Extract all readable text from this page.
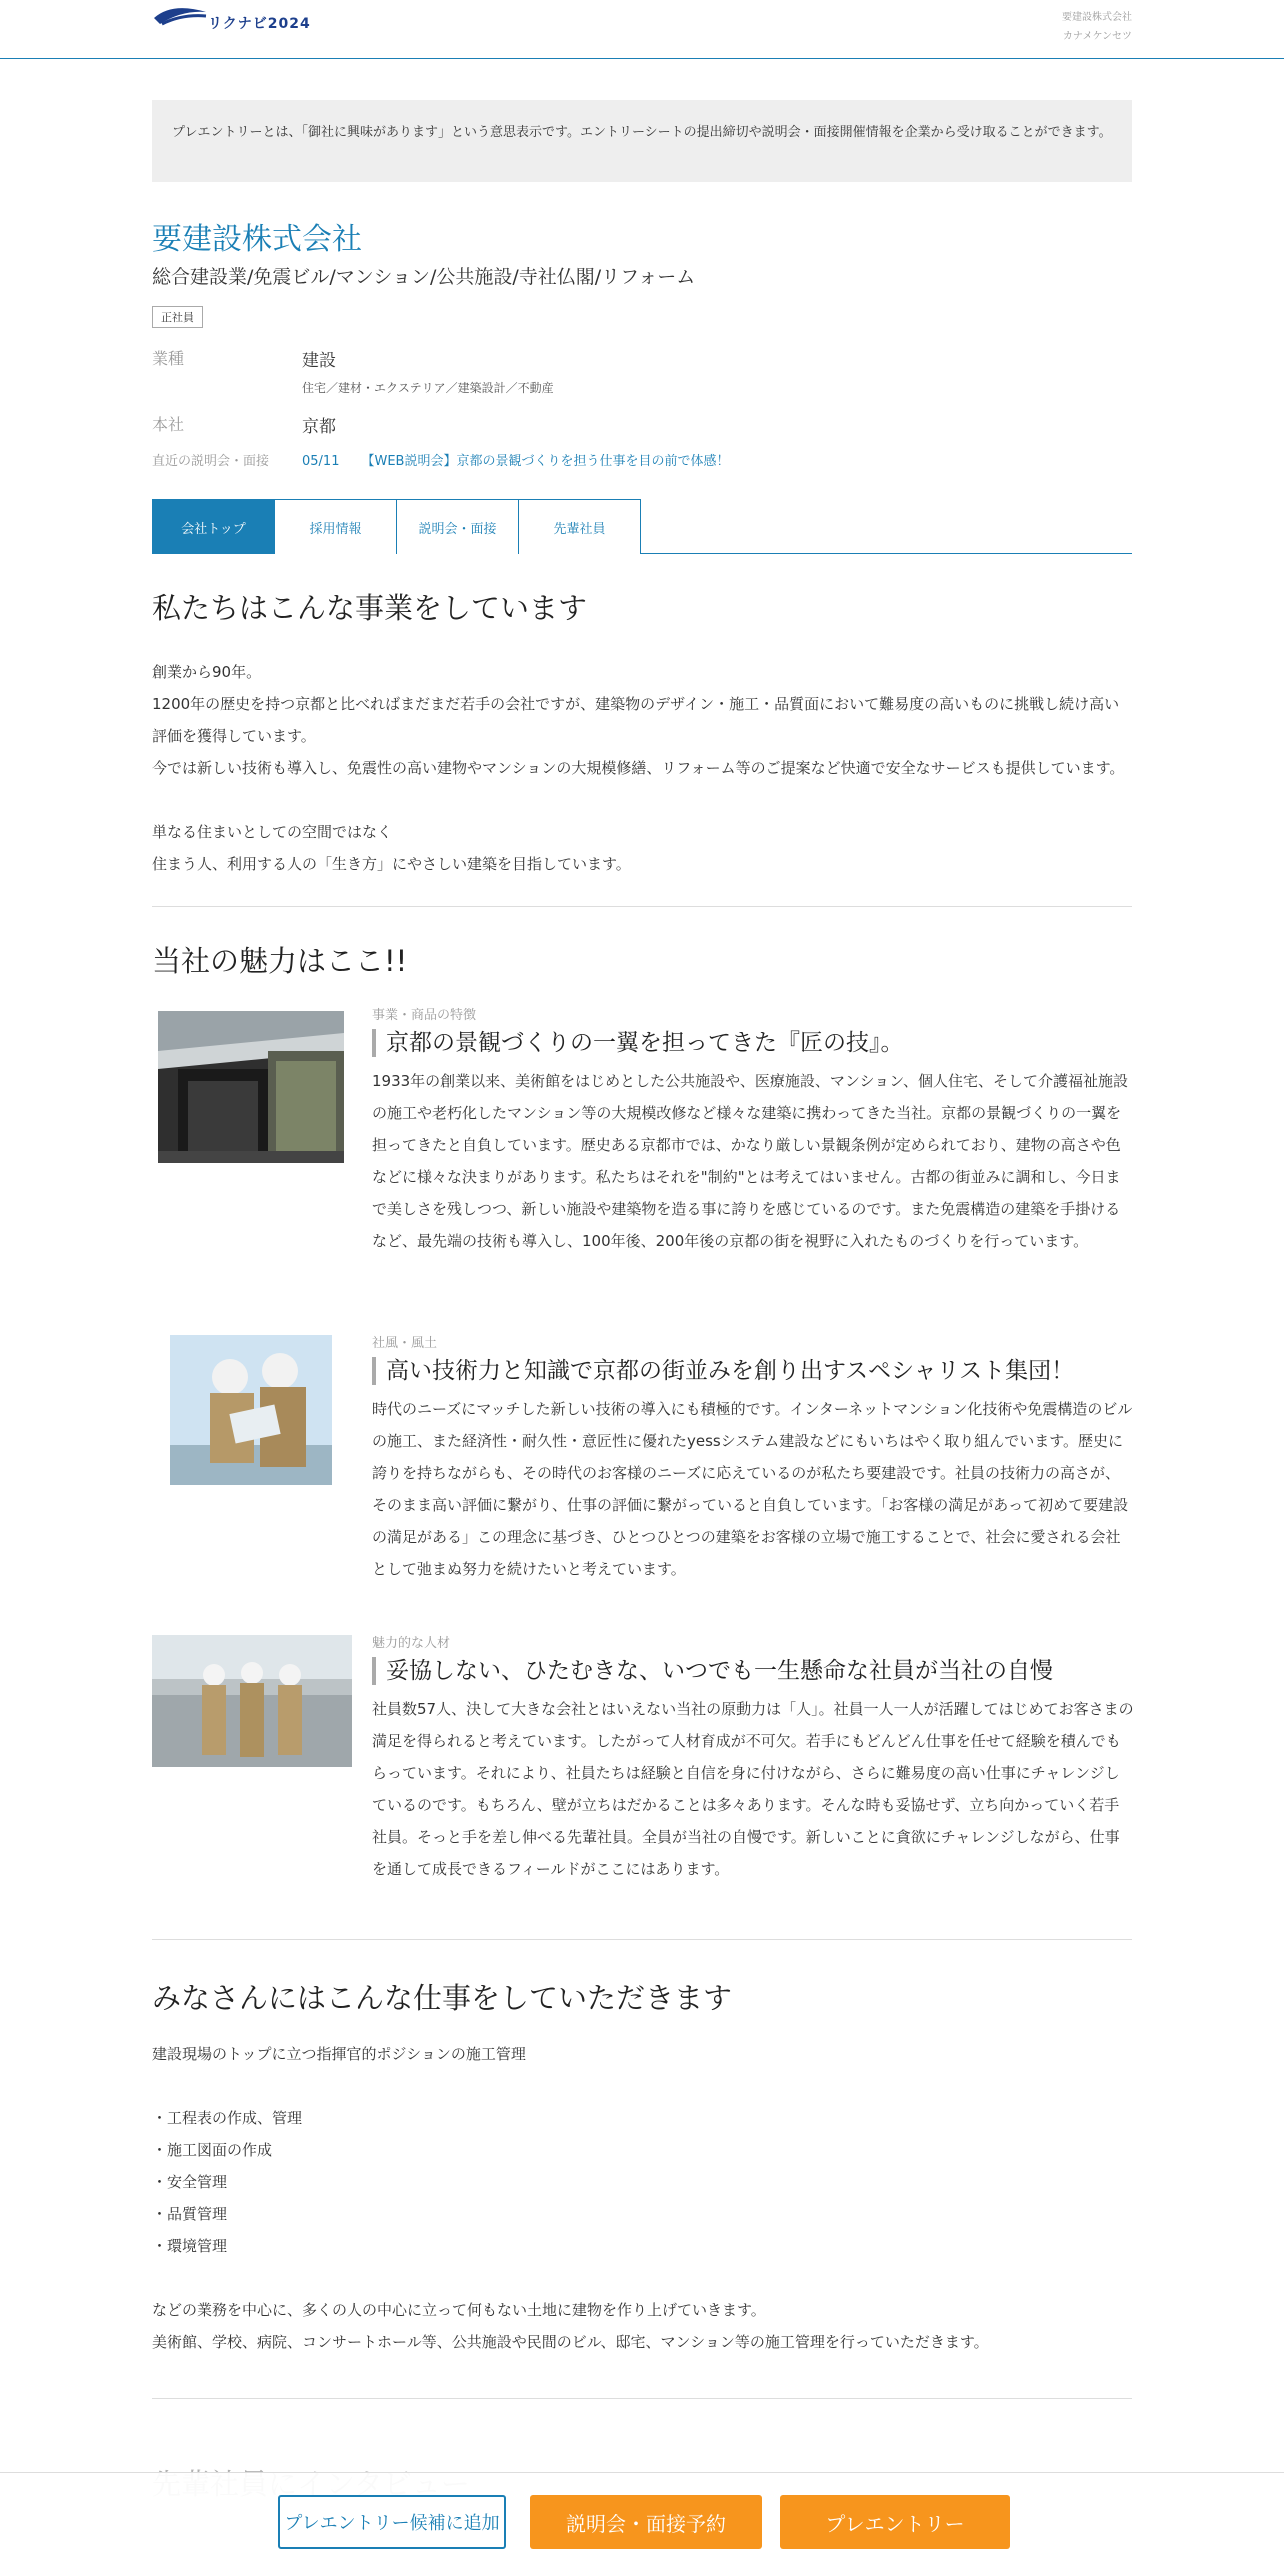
リクナビ2024	要建設株式会社
カナメケンセツ
プレエントリーとは、「御社に興味があります」という意思表示です。エントリーシートの提出締切や説明会・面接開催情報を企業から受け取ることができます。
要建設株式会社
総合建設業/免震ビル/マンション/公共施設/寺社仏閣/リフォーム
正社員
業種	建設
住宅／建材・エクステリア／建築設計／不動産
本社	京都
直近の説明会・面接	05/11 【WEB説明会】京都の景観づくりを担う仕事を目の前で体感！
会社トップ	採用情報	説明会・面接	先輩社員
私たちはこんな事業をしています
創業から90年。
1200年の歴史を持つ京都と比べればまだまだ若手の会社ですが、建築物のデザイン・施工・品質面において難易度の高いものに挑戦し続け高い評価を獲得しています。
今では新しい技術も導入し、免震性の高い建物やマンションの大規模修繕、リフォーム等のご提案など快適で安全なサービスも提供しています。
単なる住まいとしての空間ではなく
住まう人、利用する人の「生き方」にやさしい建築を目指しています。
当社の魅力はここ!!
事業・商品の特徴
京都の景観づくりの一翼を担ってきた『匠の技』。
1933年の創業以来、美術館をはじめとした公共施設や、医療施設、マンション、個人住宅、そして介護福祉施設の施工や老朽化したマンション等の大規模改修など様々な建築に携わってきた当社。京都の景観づくりの一翼を担ってきたと自負しています。歴史ある京都市では、かなり厳しい景観条例が定められており、建物の高さや色などに様々な決まりがあります。私たちはそれを"制約"とは考えてはいません。古都の街並みに調和し、今日まで美しさを残しつつ、新しい施設や建築物を造る事に誇りを感じているのです。また免震構造の建築を手掛けるなど、最先端の技術も導入し、100年後、200年後の京都の街を視野に入れたものづくりを行っています。
社風・風土
高い技術力と知識で京都の街並みを創り出すスペシャリスト集団！
時代のニーズにマッチした新しい技術の導入にも積極的です。インターネットマンション化技術や免震構造のビルの施工、また経済性・耐久性・意匠性に優れたyessシステム建設などにもいちはやく取り組んでいます。歴史に誇りを持ちながらも、その時代のお客様のニーズに応えているのが私たち要建設です。社員の技術力の高さが、そのまま高い評価に繋がり、仕事の評価に繋がっていると自負しています。「お客様の満足があって初めて要建設の満足がある」この理念に基づき、ひとつひとつの建築をお客様の立場で施工することで、社会に愛される会社として弛まぬ努力を続けたいと考えています。
魅力的な人材
妥協しない、ひたむきな、いつでも一生懸命な社員が当社の自慢
社員数57人、決して大きな会社とはいえない当社の原動力は「人」。社員一人一人が活躍してはじめてお客さまの満足を得られると考えています。したがって人材育成が不可欠。若手にもどんどん仕事を任せて経験を積んでもらっています。それにより、社員たちは経験と自信を身に付けながら、さらに難易度の高い仕事にチャレンジしているのです。もちろん、壁が立ちはだかることは多々あります。そんな時も妥協せず、立ち向かっていく若手社員。そっと手を差し伸べる先輩社員。全員が当社の自慢です。新しいことに貪欲にチャレンジしながら、仕事を通して成長できるフィールドがここにはあります。
みなさんにはこんな仕事をしていただきます
建設現場のトップに立つ指揮官的ポジションの施工管理
・工程表の作成、管理
・施工図面の作成
・安全管理
・品質管理
・環境管理
などの業務を中心に、多くの人の中心に立って何もない土地に建物を作り上げていきます。
美術館、学校、病院、コンサートホール等、公共施設や民間のビル、邸宅、マンション等の施工管理を行っていただきます。
プレエントリー候補に追加	説明会・面接予約	プレエントリー
